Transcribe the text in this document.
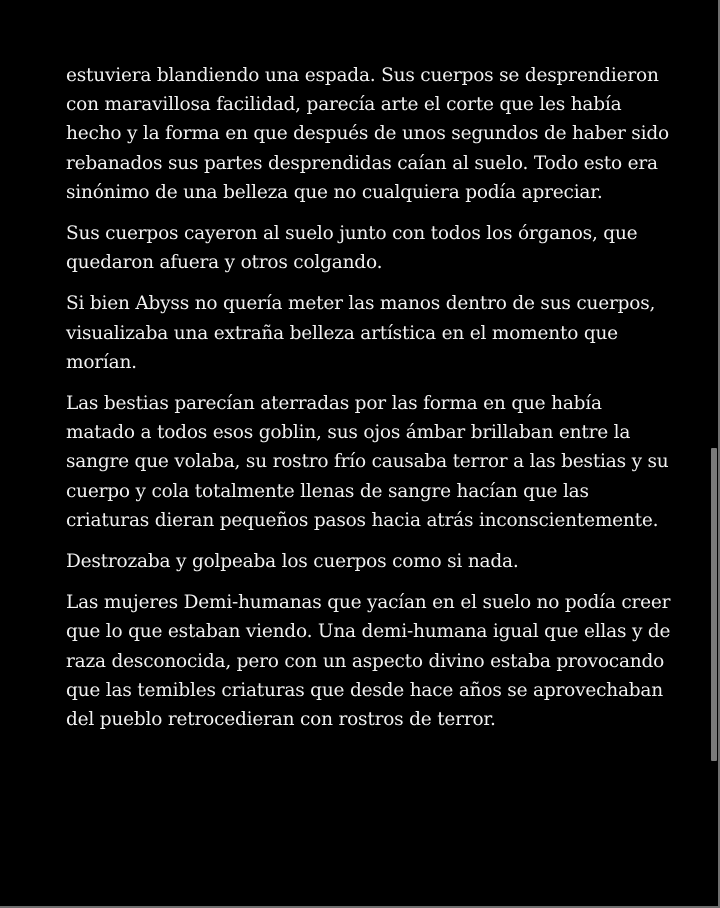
estuviera blandiendo una espada. Sus cuerpos se desprendieron con maravillosa facilidad, parecía arte el corte que les había hecho y la forma en que después de unos segundos de haber sido rebanados sus partes desprendidas caían al suelo. Todo esto era sinónimo de una belleza que no cualquiera podía apreciar.

Sus cuerpos cayeron al suelo junto con todos los órganos, que quedaron afuera y otros colgando.

Si bien Abyss no quería meter las manos dentro de sus cuerpos, visualizaba una extraña belleza artística en el momento que morían.

Las bestias parecían aterradas por las forma en que había matado a todos esos goblin, sus ojos ámbar brillaban entre la sangre que volaba, su rostro frío causaba terror a las bestias y su cuerpo y cola totalmente llenas de sangre hacían que las criaturas dieran pequeños pasos hacia atrás inconscientemente.

Destrozaba y golpeaba los cuerpos como si nada.

Las mujeres Demi-humanas que yacían en el suelo no podía creer que lo que estaban viendo. Una demi-humana igual que ellas y de raza desconocida, pero con un aspecto divino estaba provocando que las temibles criaturas que desde hace años se aprovechaban del pueblo retrocedieran con rostros de terror.
